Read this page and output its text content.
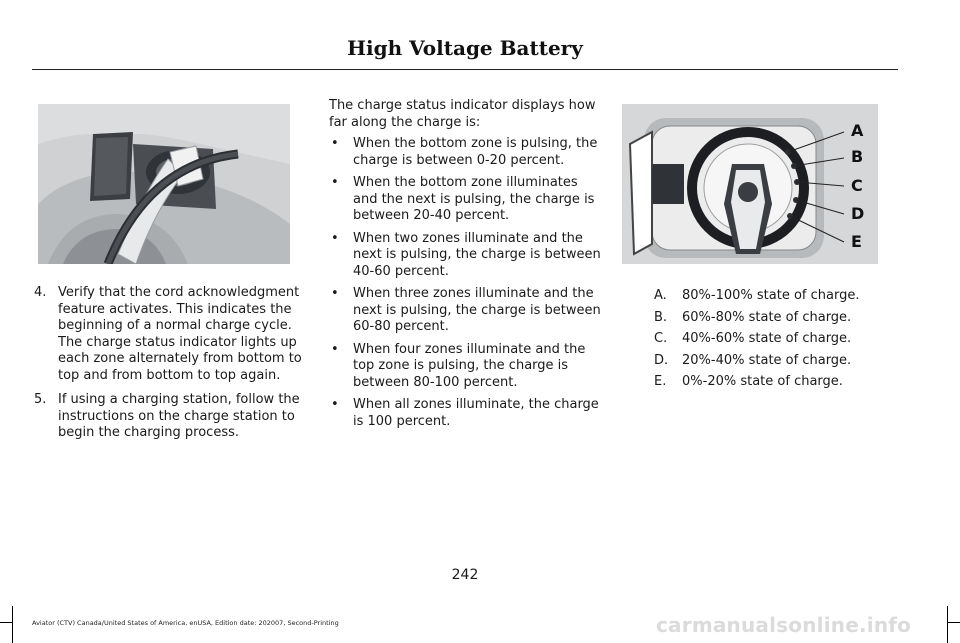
High Voltage Battery
A
B
C
D
E
4. Verify that the cord acknowledgment feature activates. This indicates the beginning of a normal charge cycle. The charge status indicator lights up each zone alternately from bottom to top and from bottom to top again.
5. If using a charging station, follow the instructions on the charge station to begin the charging process.
The charge status indicator displays how far along the charge is:
• When the bottom zone is pulsing, the charge is between 0-20 percent.
• When the bottom zone illuminates and the next is pulsing, the charge is between 20-40 percent.
• When two zones illuminate and the next is pulsing, the charge is between 40-60 percent.
• When three zones illuminate and the next is pulsing, the charge is between 60-80 percent.
• When four zones illuminate and the top zone is pulsing, the charge is between 80-100 percent.
• When all zones illuminate, the charge is 100 percent.
A.	80%-100% state of charge.
B.	60%-80% state of charge.
C.	40%-60% state of charge.
D.	20%-40% state of charge.
E.	0%-20% state of charge.
242
Aviator (CTV) Canada/United States of America, enUSA, Edition date: 202007, Second-Printing	carmanualsonline.info
